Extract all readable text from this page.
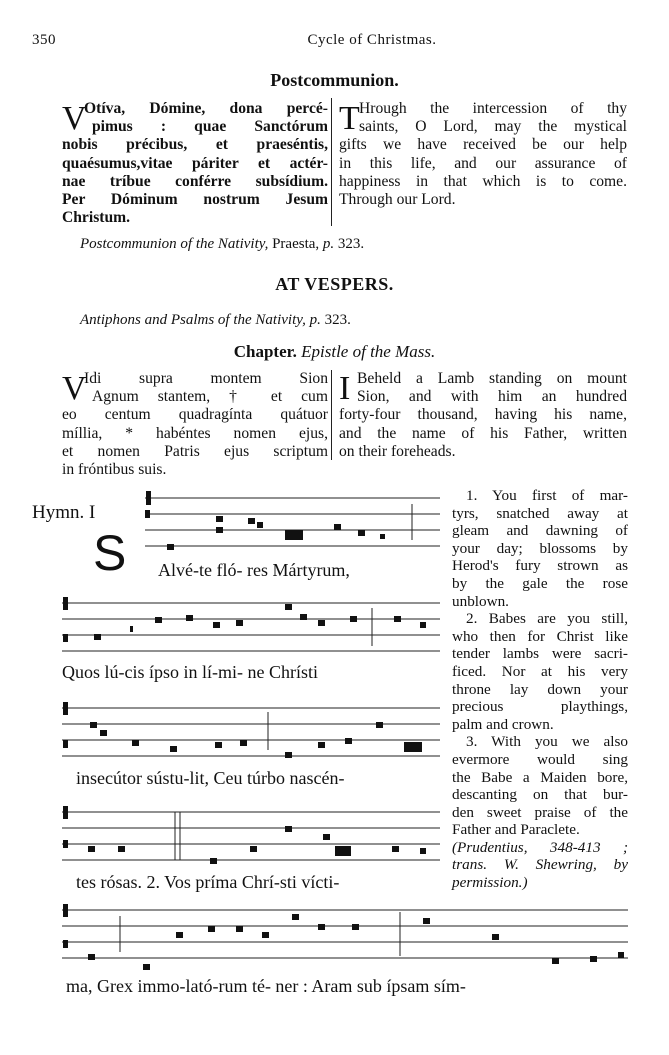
350	Cycle of Christmas.
Postcommunion.
V
Otíva, Dómine, dona percé-
pimus : quae Sanctórum
nobis précibus, et praeséntis,
quaésumus,vitae páriter et actér-
nae tríbue conférre subsídium.
Per Dóminum nostrum Jesum
Christum.
T Hrough the intercession of thy
saints, O Lord, may the mystical
gifts we have received be our help
in this life, and our assurance of
happiness in that which is to come.
Through our Lord.
Postcommunion of the Nativity, Praesta, p. 323.
AT VESPERS.
Antiphons and Psalms of the Nativity, p. 323.
Chapter. Epistle of the Mass.
V
Idi supra montem Sion
Agnum stantem, † et cum
eo centum quadragínta quátuor
míllia, * habéntes nomen ejus,
et nomen Patris ejus scriptum
in fróntibus suis.
I Beheld a Lamb standing on mount
Sion, and with him an hundred
forty-four thousand, having his name,
and the name of his Father, written
on their foreheads.
Hymn. I
S Alvé-te fló- res Mártyrum,
Quos lú-cis ípso in lí-mi- ne Chrísti
insecútor sústu-lit, Ceu túrbo nascén-
tes rósas. 2. Vos príma Chrí-sti vícti-
ma, Grex immo-lató-rum té- ner : Aram sub ípsam sím-
1. You first of mar-
tyrs, snatched away at
gleam and dawning of
your day; blossoms by
Herod's fury strown as
by the gale the rose
unblown.
2. Babes are you still,
who then for Christ like
tender lambs were sacri-
ficed. Nor at his very
throne lay down your
precious playthings,
palm and crown.
3. With you we also
evermore would sing
the Babe a Maiden bore,
descanting on that bur-
den sweet praise of the
Father and Paraclete.
(Prudentius, 348-413 ;
trans. W. Shewring, by
permission.)
